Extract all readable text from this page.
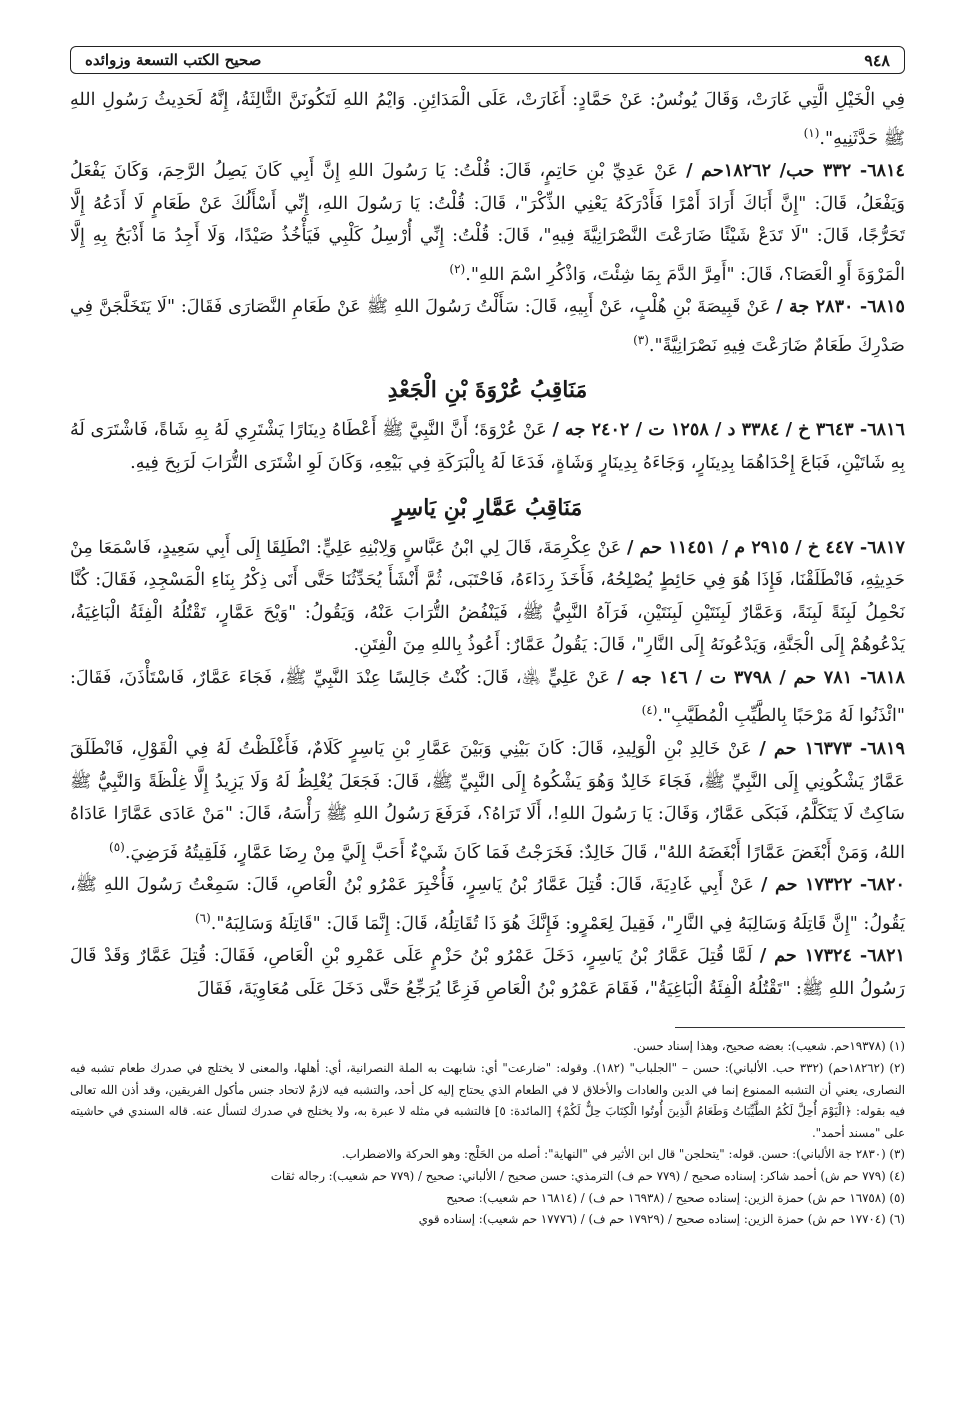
٩٤٨
صحيح الكتب التسعة وزوائده

فِي الْخَيْلِ الَّتِي غَارَتْ، وَقَالَ يُونُسُ: عَنْ حَمَّادٍ: أَغَارَتْ، عَلَى الْمَدَائِنِ. وَايْمُ اللهِ لَتَكُونَنَّ الثَّالِثَةُ، إِنَّهُ لَحَدِيثُ رَسُولِ اللهِ ﷺ حَدَّثَنِيهِ".$^{(١)}$

٦٨١٤- ٣٣٢ حب/ ١٨٢٦٢حم / عَنْ عَدِيِّ بْنِ حَاتِمٍ، قَالَ: قُلْتُ: يَا رَسُولَ اللهِ إِنَّ أَبِي كَانَ يَصِلُ الرَّحِمَ، وَكَانَ يَفْعَلُ وَيَفْعَلُ، قَالَ: "إِنَّ أَبَاكَ أَرَادَ أَمْرًا فَأَدْرَكَهُ يَعْنِي الذِّكْرَ"، قَالَ: قُلْتُ: يَا رَسُولَ اللهِ، إِنِّي أَسْأَلُكَ عَنْ طَعَامٍ لَا أَدَعُهُ إِلَّا تَحَرُّجًا، قَالَ: "لَا تَدَعْ شَيْئًا ضَارَعْتَ النَّصْرَانِيَّةَ فِيهِ"، قَالَ: قُلْتُ: إِنِّي أُرْسِلُ كَلْبِي فَيَأْخُذُ صَيْدًا، وَلَا أَجِدُ مَا أَذْبَحُ بِهِ إِلَّا الْمَرْوَةَ أَوِ الْعَصَا؟، قَالَ: "أَمِرَّ الدَّمَ بِمَا شِئْتَ، وَاذْكُرِ اسْمَ اللهِ".$^{(٢)}$

٦٨١٥- ٢٨٣٠ جة / عَنْ قَبِيصَةَ بْنِ هُلْبٍ، عَنْ أَبِيهِ، قَالَ: سَأَلْتُ رَسُولَ اللهِ ﷺ عَنْ طَعَامِ النَّصَارَى فَقَالَ: "لَا يَتَخَلَّجَنَّ فِي صَدْرِكَ طَعَامٌ ضَارَعْتَ فِيهِ نَصْرَانِيَّةً".$^{(٣)}$

مَنَاقِبُ عُرْوَةَ بْنِ الْجَعْدِ

٦٨١٦- ٣٦٤٣ خ / ٣٣٨٤ د / ١٢٥٨ ت / ٢٤٠٢ جه / عَنْ عُرْوَةَ؛ أَنَّ النَّبِيَّ ﷺ أَعْطَاهُ دِينَارًا يَشْتَرِي لَهُ بِهِ شَاةً، فَاشْتَرَى لَهُ بِهِ شَاتَيْنِ، فَبَاعَ إِحْدَاهُمَا بِدِينَارٍ، وَجَاءَهُ بِدِينَارٍ وَشَاةٍ، فَدَعَا لَهُ بِالْبَرَكَةِ فِي بَيْعِهِ، وَكَانَ لَوِ اشْتَرَى التُّرَابَ لَرَبِحَ فِيهِ.

مَنَاقِبُ عَمَّارِ بْنِ يَاسِرٍ

٦٨١٧- ٤٤٧ خ / ٢٩١٥ م / ١١٤٥١ حم / عَنْ عِكْرِمَةَ، قَالَ لِي ابْنُ عَبَّاسٍ وَلِابْنِهِ عَلِيٍّ: انْطَلِقَا إِلَى أَبِي سَعِيدٍ، فَاسْمَعَا مِنْ حَدِيثِهِ، فَانْطَلَقْنَا، فَإِذَا هُوَ فِي حَائِطٍ يُصْلِحُهُ، فَأَخَذَ رِدَاءَهُ، فَاحْتَبَى، ثُمَّ أَنْشَأَ يُحَدِّثُنَا حَتَّى أَتَى ذِكْرُ بِنَاءِ الْمَسْجِدِ، فَقَالَ: كُنَّا نَحْمِلُ لَبِنَةً لَبِنَةً، وَعَمَّارٌ لَبِنَتَيْنِ لَبِنَتَيْنِ، فَرَآهُ النَّبِيُّ ﷺ، فَيَنْفُضُ التُّرَابَ عَنْهُ، وَيَقُولُ: "وَيْحَ عَمَّارٍ، تَقْتُلُهُ الْفِئَةُ الْبَاغِيَةُ، يَدْعُوهُمْ إِلَى الْجَنَّةِ، وَيَدْعُونَهُ إِلَى النَّارِ"، قَالَ: يَقُولُ عَمَّارٌ: أَعُوذُ بِاللهِ مِنَ الْفِتَنِ.

٦٨١٨- ٧٨١ حم / ٣٧٩٨ ت / ١٤٦ جه / عَنْ عَلِيٍّ ﵁، قَالَ: كُنْتُ جَالِسًا عِنْدَ النَّبِيِّ ﷺ، فَجَاءَ عَمَّارٌ، فَاسْتَأْذَنَ، فَقَالَ: "ائْذَنُوا لَهُ مَرْحَبًا بِالطَّيِّبِ الْمُطَيَّبِ".$^{(٤)}$

٦٨١٩- ١٦٣٧٣ حم / عَنْ خَالِدِ بْنِ الْوَلِيدِ، قَالَ: كَانَ بَيْنِي وَبَيْنَ عَمَّارِ بْنِ يَاسِرٍ كَلَامٌ، فَأَغْلَظْتُ لَهُ فِي الْقَوْلِ، فَانْطَلَقَ عَمَّارٌ يَشْكُونِي إِلَى النَّبِيِّ ﷺ، فَجَاءَ خَالِدٌ وَهُوَ يَشْكُوهُ إِلَى النَّبِيِّ ﷺ، قَالَ: فَجَعَلَ يُغْلِظُ لَهُ وَلَا يَزِيدُ إِلَّا غِلْظَةً وَالنَّبِيُّ ﷺ سَاكِتٌ لَا يَتَكَلَّمُ، فَبَكَى عَمَّارٌ، وَقَالَ: يَا رَسُولَ اللهِ!، أَلَا تَرَاهُ؟، فَرَفَعَ رَسُولُ اللهِ ﷺ رَأْسَهُ، قَالَ: "مَنْ عَادَى عَمَّارًا عَادَاهُ اللهُ، وَمَنْ أَبْغَضَ عَمَّارًا أَبْغَضَهُ اللهُ"، قَالَ خَالِدٌ: فَخَرَجْتُ فَمَا كَانَ شَيْءٌ أَحَبَّ إِلَيَّ مِنْ رِضَا عَمَّارٍ، فَلَقِيتُهُ فَرَضِيَ.$^{(٥)}$

٦٨٢٠- ١٧٣٢٢ حم / عَنْ أَبِي غَادِيَةَ، قَالَ: قُتِلَ عَمَّارُ بْنُ يَاسِرٍ، فَأُخْبِرَ عَمْرُو بْنُ الْعَاصِ، قَالَ: سَمِعْتُ رَسُولَ اللهِ ﷺ، يَقُولُ: "إِنَّ قَاتِلَهُ وَسَالِبَهُ فِي النَّارِ"، فَقِيلَ لِعَمْرٍو: فَإِنَّكَ هُوَ ذَا تُقَاتِلُهُ، قَالَ: إِنَّمَا قَالَ: "قَاتِلَهُ وَسَالِبَهُ".$^{(٦)}$

٦٨٢١- ١٧٣٢٤ حم / لَمَّا قُتِلَ عَمَّارُ بْنُ يَاسِرٍ، دَخَلَ عَمْرُو بْنُ حَزْمٍ عَلَى عَمْرِو بْنِ الْعَاصِ، فَقَالَ: قُتِلَ عَمَّارٌ وَقَدْ قَالَ رَسُولُ اللهِ ﷺ: "تَقْتُلُهُ الْفِئَةُ الْبَاغِيَةُ"، فَقَامَ عَمْرُو بْنُ الْعَاصِ فَزِعًا يُرَجِّعُ حَتَّى دَخَلَ عَلَى مُعَاوِيَةَ، فَقَالَ

(١) (١٩٣٧٨حم. شعيب): بعضه صحيح، وهذا إسناد حسن.

(٢) (١٨٢٦٢حم) (٣٣٢ حب. الألباني): حسن – "الجلباب" (١٨٢). وقوله: "ضارعت" أي: شابهت به الملة النصرانية، أي: أهلها، والمعنى لا يختلج في صدرك طعام تشبه فيه النصارى، يعني أن التشبه الممنوع إنما في الدين والعادات والأخلاق لا في الطعام الذي يحتاج إليه كل أحد، والتشبه فيه لازمٌ لاتحاد جنس مأكول الفريقين، وقد أذن الله تعالى فيه بقوله: ﴿الْيَوْمَ أُحِلَّ لَكُمُ الطَّيِّبَاتُ وَطَعَامُ الَّذِينَ أُوتُوا الْكِتَابَ حِلٌّ لَكُمْ﴾ [المائدة: ٥] فالتشبه في مثله لا عبرة به، ولا يختلج في صدرك لتسأل عنه. قاله السندي في حاشيته على "مسند أحمد".

(٣) (٢٨٣٠ جة الألباني): حسن. قوله: "يتحلجن" قال ابن الأثير في "النهاية": أصله من الحَلْج: وهو الحركة والاضطراب.

(٤) (٧٧٩ حم ش) أحمد شاكر: إسناده صحيح / (٧٧٩ حم ف) الترمذي: حسن صحيح / الألباني: صحيح / (٧٧٩ حم شعيب): رجاله ثقات

(٥) (١٦٧٥٨ حم ش) حمزة الزين: إسناده صحيح / (١٦٩٣٨ حم ف) / (١٦٨١٤ حم شعيب): صحيح

(٦) (١٧٧٠٤ حم ش) حمزة الزين: إسناده صحيح / (١٧٩٢٩ حم ف) / (١٧٧٧٦ حم شعيب): إسناده قوي
